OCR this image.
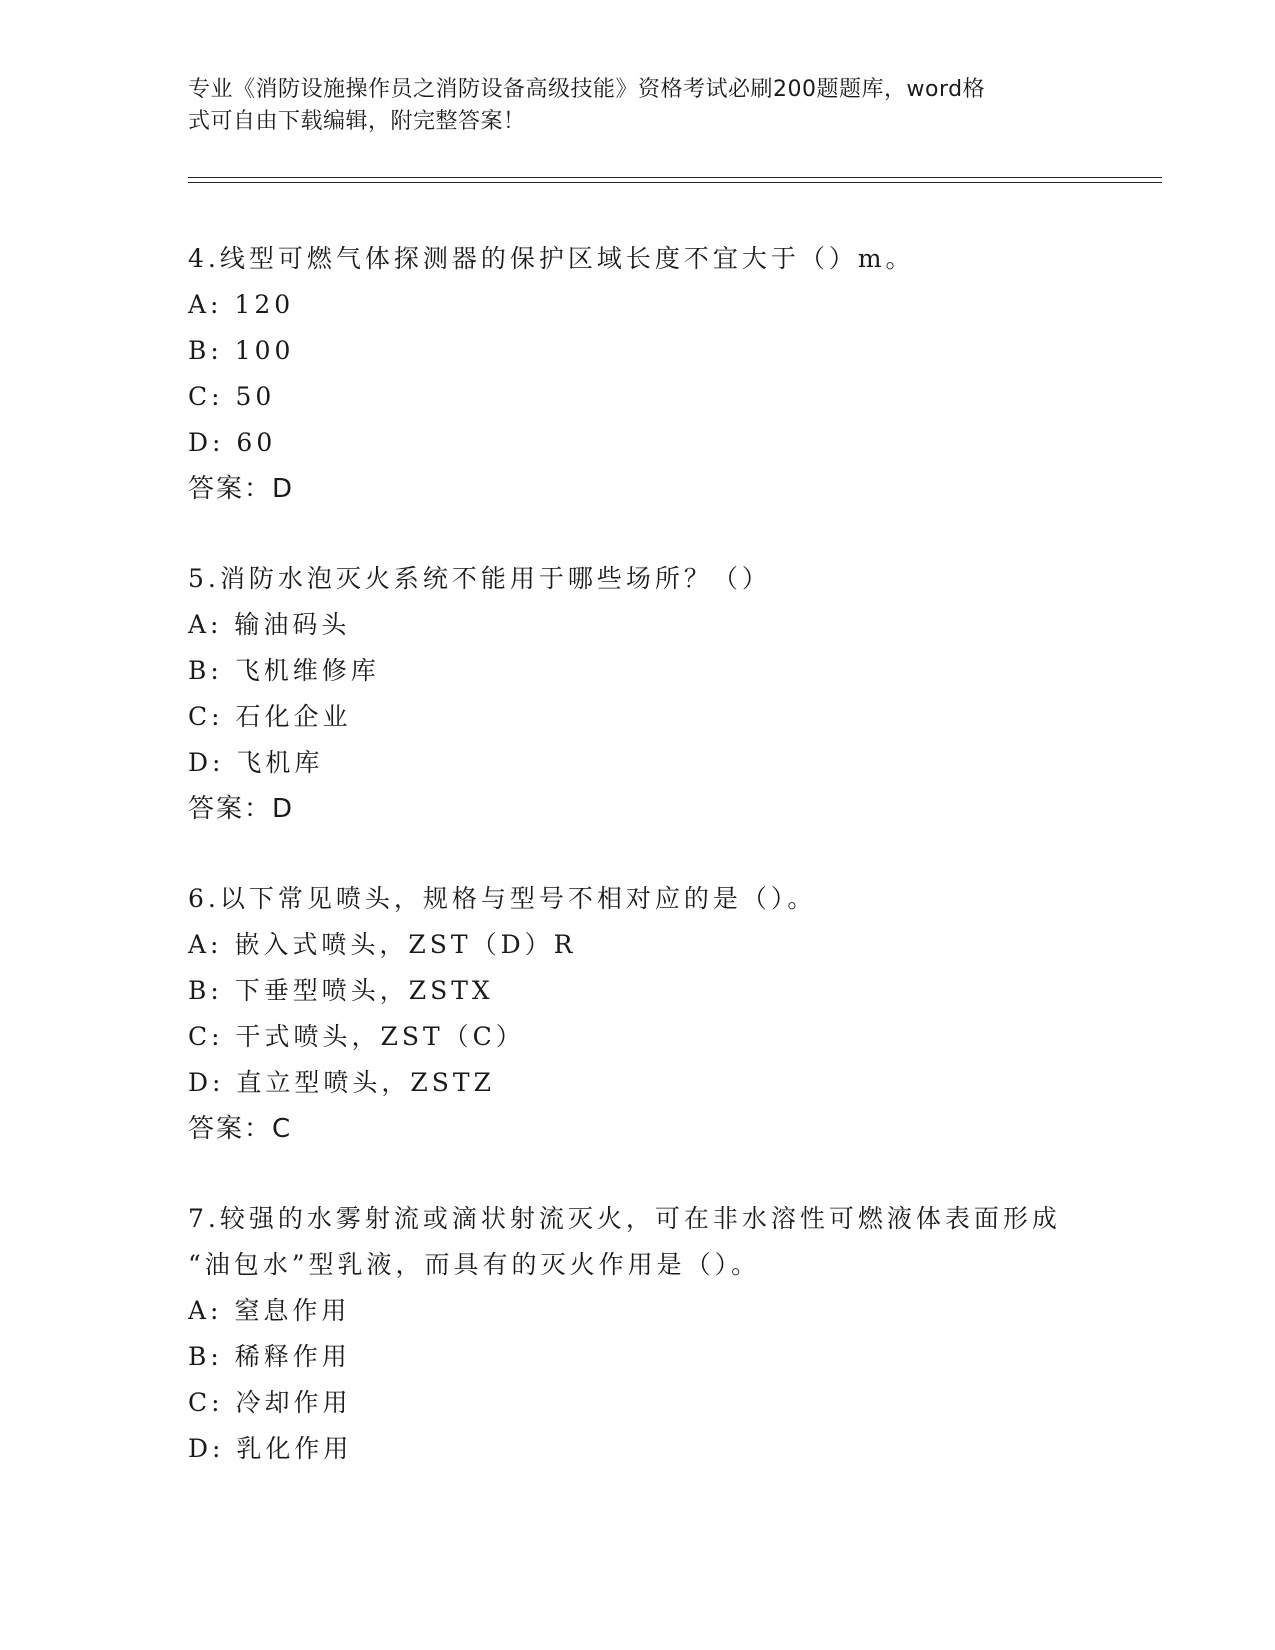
专业《消防设施操作员之消防设备高级技能》资格考试必刷200题题库，word格
式可自由下载编辑，附完整答案！
4.线型可燃气体探测器的保护区域长度不宜大于（）m。
A: 120
B: 100
C: 50
D: 60
答案：D
5.消防水泡灭火系统不能用于哪些场所？（）
A: 输油码头
B: 飞机维修库
C: 石化企业
D: 飞机库
答案：D
6.以下常见喷头，规格与型号不相对应的是（）。
A: 嵌入式喷头，ZST（D）R
B: 下垂型喷头，ZSTX
C: 干式喷头，ZST（C）
D: 直立型喷头，ZSTZ
答案：C
7.较强的水雾射流或滴状射流灭火，可在非水溶性可燃液体表面形成
“油包水”型乳液，而具有的灭火作用是（）。
A: 窒息作用
B: 稀释作用
C: 冷却作用
D: 乳化作用
